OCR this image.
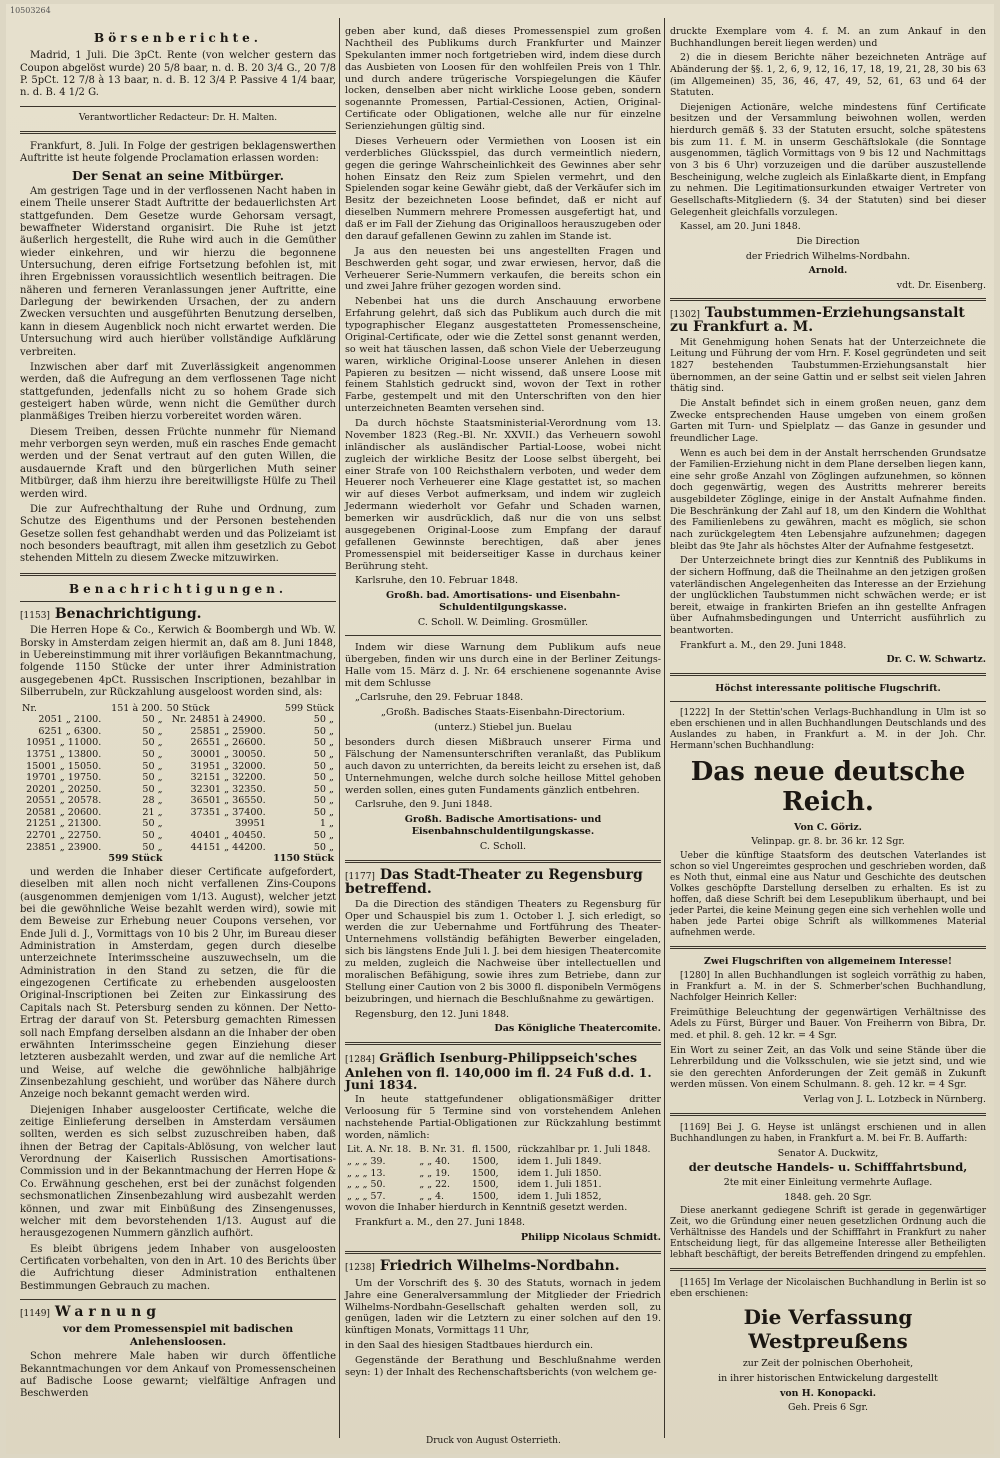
10503264
Börsenberichte.

Madrid, 1 Juli. Die 3pCt. Rente (von welcher gestern das Coupon abgelöst wurde) 20 5/8 baar, n. d. B. 20 3/4 G., 20 7/8 P. 5pCt. 12 7/8 à 13 baar, n. d. B. 12 3/4 P. Passive 4 1/4 baar, n. d. B. 4 1/2 G.

Verantwortlicher Redacteur: Dr. H. Malten.

Frankfurt, 8. Juli. In Folge der gestrigen beklagenswerthen Auftritte ist heute folgende Proclamation erlassen worden:

Der Senat an seine Mitbürger.

Am gestrigen Tage und in der verflossenen Nacht haben in einem Theile unserer Stadt Auftritte der bedauerlichsten Art stattgefunden. Dem Gesetze wurde Gehorsam versagt, bewaffneter Widerstand organisirt. Die Ruhe ist jetzt äußerlich hergestellt, die Ruhe wird auch in die Gemüther wieder einkehren, und wir hierzu die begonnene Untersuchung, deren eifrige Fortsetzung befohlen ist, mit ihren Ergebnissen voraussichtlich wesentlich beitragen. Die näheren und ferneren Veranlassungen jener Auftritte, eine Darlegung der bewirkenden Ursachen, der zu andern Zwecken versuchten und ausgeführten Benutzung derselben, kann in diesem Augenblick noch nicht erwartet werden. Die Untersuchung wird auch hierüber vollständige Aufklärung verbreiten.

Inzwischen aber darf mit Zuverlässigkeit angenommen werden, daß die Aufregung an dem verflossenen Tage nicht stattgefunden, jedenfalls nicht zu so hohem Grade sich gesteigert haben würde, wenn nicht die Gemüther durch planmäßiges Treiben hierzu vorbereitet worden wären.

Diesem Treiben, dessen Früchte nunmehr für Niemand mehr verborgen seyn werden, muß ein rasches Ende gemacht werden und der Senat vertraut auf den guten Willen, die ausdauernde Kraft und den bürgerlichen Muth seiner Mitbürger, daß ihm hierzu ihre bereitwilligste Hülfe zu Theil werden wird.

Die zur Aufrechthaltung der Ruhe und Ordnung, zum Schutze des Eigenthums und der Personen bestehenden Gesetze sollen fest gehandhabt werden und das Polizeiamt ist noch besonders beauftragt, mit allen ihm gesetzlich zu Gebot stehenden Mitteln zu diesem Zwecke mitzuwirken.

Benachrichtigungen.
[1153] Benachrichtigung.

Die Herren Hope & Co., Kerwich & Boombergh und Wb. W. Borsky in Amsterdam zeigen hiermit an, daß am 8. Juni 1848, in Uebereinstimmung mit ihrer vorläufigen Bekanntmachung, folgende 1150 Stücke der unter ihrer Administration ausgegebenen 4pCt. Russischen Inscriptionen, bezahlbar in Silberrubeln, zur Rückzahlung ausgeloost worden sind, als:

Nr.	151 à 200.	50 Stück	599 Stück
2051 „ 2100.	50 „	Nr. 24851 à 24900.	50 „
6251 „ 6300.	50 „	25851 „ 25900.	50 „
10951 „ 11000.	50 „	26551 „ 26600.	50 „
13751 „ 13800.	50 „	30001 „ 30050.	50 „
15001 „ 15050.	50 „	31951 „ 32000.	50 „
19701 „ 19750.	50 „	32151 „ 32200.	50 „
20201 „ 20250.	50 „	32301 „ 32350.	50 „
20551 „ 20578.	28 „	36501 „ 36550.	50 „
20581 „ 20600.	21 „	37351 „ 37400.	50 „
21251 „ 21300.	50 „	39951	1 „
22701 „ 22750.	50 „	40401 „ 40450.	50 „
23851 „ 23900.	50 „	44151 „ 44200.	50 „
	599 Stück		1150 Stück

und werden die Inhaber dieser Certificate aufgefordert, dieselben mit allen noch nicht verfallenen Zins-Coupons (ausgenommen demjenigen vom 1/13. August), welcher jetzt bei die gewöhnliche Weise bezahlt werden wird), sowie mit dem Beweise zur Erhebung neuer Coupons versehen, vor Ende Juli d. J., Vormittags von 10 bis 2 Uhr, im Bureau dieser Administration in Amsterdam, gegen durch dieselbe unterzeichnete Interimsscheine auszuwechseln, um die Administration in den Stand zu setzen, die für die eingezogenen Certificate zu erhebenden ausgeloosten Original-Inscriptionen bei Zeiten zur Einkassirung des Capitals nach St. Petersburg senden zu können. Der Netto-Ertrag der darauf von St. Petersburg gemachten Rimessen soll nach Empfang derselben alsdann an die Inhaber der oben erwähnten Interimsscheine gegen Einziehung dieser letzteren ausbezahlt werden, und zwar auf die nemliche Art und Weise, auf welche die gewöhnliche halbjährige Zinsenbezahlung geschieht, und worüber das Nähere durch Anzeige noch bekannt gemacht werden wird.

Diejenigen Inhaber ausgelooster Certificate, welche die zeitige Einlieferung derselben in Amsterdam versäumen sollten, werden es sich selbst zuzuschreiben haben, daß ihnen der Betrag der Capitals-Ablösung, von welcher laut Verordnung der Kaiserlich Russischen Amortisations-Commission und in der Bekanntmachung der Herren Hope & Co. Erwähnung geschehen, erst bei der zunächst folgenden sechsmonatlichen Zinsenbezahlung wird ausbezahlt werden können, und zwar mit Einbüßung des Zinsengenusses, welcher mit dem bevorstehenden 1/13. August auf die herausgezogenen Nummern gänzlich aufhört.

Es bleibt übrigens jedem Inhaber von ausgeloosten Certificaten vorbehalten, von den in Art. 10 des Berichts über die Aufrichtung dieser Administration enthaltenen Bestimmungen Gebrauch zu machen.

[1149] Warnung

vor dem Promessenspiel mit badischen Anlehensloosen.

Schon mehrere Male haben wir durch öffentliche Bekanntmachungen vor dem Ankauf von Promessenscheinen auf Badische Loose gewarnt; vielfältige Anfragen und Beschwerden

geben aber kund, daß dieses Promessenspiel zum großen Nachtheil des Publikums durch Frankfurter und Mainzer Spekulanten immer noch fortgetrieben wird, indem diese durch das Ausbieten von Loosen für den wohlfeilen Preis von 1 Thlr. und durch andere trügerische Vorspiegelungen die Käufer locken, denselben aber nicht wirkliche Loose geben, sondern sogenannte Promessen, Partial-Cessionen, Actien, Original-Certificate oder Obligationen, welche alle nur für einzelne Serienziehungen gültig sind.

Dieses Verheuern oder Vermiethen von Loosen ist ein verderbliches Glücksspiel, das durch vermeintlich niedern, gegen die geringe Wahrscheinlichkeit des Gewinnes aber sehr hohen Einsatz den Reiz zum Spielen vermehrt, und den Spielenden sogar keine Gewähr giebt, daß der Verkäufer sich im Besitz der bezeichneten Loose befindet, daß er nicht auf dieselben Nummern mehrere Promessen ausgefertigt hat, und daß er im Fall der Ziehung das Originalloos herauszugeben oder den darauf gefallenen Gewinn zu zahlen im Stande ist.

Ja aus den neuesten bei uns angestellten Fragen und Beschwerden geht sogar, und zwar erwiesen, hervor, daß die Verheuerer Serie-Nummern verkaufen, die bereits schon ein und zwei Jahre früher gezogen worden sind.

Nebenbei hat uns die durch Anschauung erworbene Erfahrung gelehrt, daß sich das Publikum auch durch die mit typographischer Eleganz ausgestatteten Promessenscheine, Original-Certificate, oder wie die Zettel sonst genannt werden, so weit hat täuschen lassen, daß schon Viele der Ueberzeugung waren, wirkliche Original-Loose unserer Anlehen in diesen Papieren zu besitzen — nicht wissend, daß unsere Loose mit feinem Stahlstich gedruckt sind, wovon der Text in rother Farbe, gestempelt und mit den Unterschriften von den hier unterzeichneten Beamten versehen sind.

Da durch höchste Staatsministerial-Verordnung vom 13. November 1823 (Reg.-Bl. Nr. XXVII.) das Verheuern sowohl inländischer als ausländischer Partial-Loose, wobei nicht zugleich der wirkliche Besitz der Loose selbst übergeht, bei einer Strafe von 100 Reichsthalern verboten, und weder dem Heuerer noch Verheuerer eine Klage gestattet ist, so machen wir auf dieses Verbot aufmerksam, und indem wir zugleich Jedermann wiederholt vor Gefahr und Schaden warnen, bemerken wir ausdrücklich, daß nur die von uns selbst ausgegebenen Original-Loose zum Empfang der darauf gefallenen Gewinnste berechtigen, daß aber jenes Promessenspiel mit beiderseitiger Kasse in durchaus keiner Berührung steht.

Karlsruhe, den 10. Februar 1848.

Großh. bad. Amortisations- und Eisenbahn-Schuldentilgungskasse.

C. Scholl. W. Deimling. Grosmüller.

Indem wir diese Warnung dem Publikum aufs neue übergeben, finden wir uns durch eine in der Berliner Zeitungs-Halle vom 15. März d. J. Nr. 64 erschienene sogenannte Avise mit dem Schlusse

„Carlsruhe, den 29. Februar 1848.

„Großh. Badisches Staats-Eisenbahn-Directorium.

(unterz.) Stiebel jun. Buelau

besonders durch diesen Mißbrauch unserer Firma und Fälschung der Namensunterschriften veranlaßt, das Publikum auch davon zu unterrichten, da bereits leicht zu ersehen ist, daß Unternehmungen, welche durch solche heillose Mittel gehoben werden sollen, eines guten Fundaments gänzlich entbehren.

Carlsruhe, den 9. Juni 1848.

Großh. Badische Amortisations- und Eisenbahnschuldentilgungskasse.

C. Scholl.

[1177] Das Stadt-Theater zu Regensburg betreffend.

Da die Direction des ständigen Theaters zu Regensburg für Oper und Schauspiel bis zum 1. October l. J. sich erledigt, so werden die zur Uebernahme und Fortführung des Theater-Unternehmens vollständig befähigten Bewerber eingeladen, sich bis längstens Ende Juli l. J. bei dem hiesigen Theatercomite zu melden, zugleich die Nachweise über intellectuellen und moralischen Befähigung, sowie ihres zum Betriebe, dann zur Stellung einer Caution von 2 bis 3000 fl. disponibeln Vermögens beizubringen, und hiernach die Beschlußnahme zu gewärtigen.

Regensburg, den 12. Juni 1848.

Das Königliche Theatercomite.

[1284] Gräflich Isenburg-Philippseich'sches Anlehen von fl. 140,000 im fl. 24 Fuß d.d. 1. Juni 1834.

In heute stattgefundener obligationsmäßiger dritter Verloosung für 5 Termine sind von vorstehendem Anlehen nachstehende Partial-Obligationen zur Rückzahlung bestimmt worden, nämlich:

Lit. A. Nr. 18.	B. Nr. 31.	fl. 1500,	rückzahlbar pr. 1. Juli 1848.
„ „ „ 39.	„ „ 40.	1500,	idem 1. Juli 1849.
„ „ „ 13.	„ „ 19.	1500,	idem 1. Juli 1850.
„ „ „ 50.	„ „ 22.	1500,	idem 1. Juli 1851.
„ „ „ 57.	„ „ 4.	1500,	idem 1. Juli 1852,

wovon die Inhaber hierdurch in Kenntniß gesetzt werden.

Frankfurt a. M., den 27. Juni 1848.

Philipp Nicolaus Schmidt.

[1238] Friedrich Wilhelms-Nordbahn.

Um der Vorschrift des §. 30 des Statuts, wornach in jedem Jahre eine Generalversammlung der Mitglieder der Friedrich Wilhelms-Nordbahn-Gesellschaft gehalten werden soll, zu genügen, laden wir die Letztern zu einer solchen auf den 19. künftigen Monats, Vormittags 11 Uhr,

in den Saal des hiesigen Stadtbaues hierdurch ein.

Gegenstände der Berathung und Beschlußnahme werden seyn: 1) der Inhalt des Rechenschaftsberichts (von welchem ge-

druckte Exemplare vom 4. f. M. an zum Ankauf in den Buchhandlungen bereit liegen werden) und

2) die in diesem Berichte näher bezeichneten Anträge auf Abänderung der §§. 1, 2, 6, 9, 12, 16, 17, 18, 19, 21, 28, 30 bis 63 (im Allgemeinen) 35, 36, 46, 47, 49, 52, 61, 63 und 64 der Statuten.

Diejenigen Actionäre, welche mindestens fünf Certificate besitzen und der Versammlung beiwohnen wollen, werden hierdurch gemäß §. 33 der Statuten ersucht, solche spätestens bis zum 11. f. M. in unserm Geschäftslokale (die Sonntage ausgenommen, täglich Vormittags von 9 bis 12 und Nachmittags von 3 bis 6 Uhr) vorzuzeigen und die darüber auszustellende Bescheinigung, welche zugleich als Einlaßkarte dient, in Empfang zu nehmen. Die Legitimationsurkunden etwaiger Vertreter von Gesellschafts-Mitgliedern (§. 34 der Statuten) sind bei dieser Gelegenheit gleichfalls vorzulegen.

Kassel, am 20. Juni 1848.

Die Direction

der Friedrich Wilhelms-Nordbahn.

Arnold.

vdt. Dr. Eisenberg.

[1302] Taubstummen-Erziehungsanstalt zu Frankfurt a. M.

Mit Genehmigung hohen Senats hat der Unterzeichnete die Leitung und Führung der vom Hrn. F. Kosel gegründeten und seit 1827 bestehenden Taubstummen-Erziehungsanstalt hier übernommen, an der seine Gattin und er selbst seit vielen Jahren thätig sind.

Die Anstalt befindet sich in einem großen neuen, ganz dem Zwecke entsprechenden Hause umgeben von einem großen Garten mit Turn- und Spielplatz — das Ganze in gesunder und freundlicher Lage.

Wenn es auch bei dem in der Anstalt herrschenden Grundsatze der Familien-Erziehung nicht in dem Plane derselben liegen kann, eine sehr große Anzahl von Zöglingen aufzunehmen, so können doch gegenwärtig, wegen des Austritts mehrerer bereits ausgebildeter Zöglinge, einige in der Anstalt Aufnahme finden. Die Beschränkung der Zahl auf 18, um den Kindern die Wohlthat des Familienlebens zu gewähren, macht es möglich, sie schon nach zurückgelegtem 4ten Lebensjahre aufzunehmen; dagegen bleibt das 9te Jahr als höchstes Alter der Aufnahme festgesetzt.

Der Unterzeichnete bringt dies zur Kenntniß des Publikums in der sichern Hoffnung, daß die Theilnahme an den jetzigen großen vaterländischen Angelegenheiten das Interesse an der Erziehung der unglücklichen Taubstummen nicht schwächen werde; er ist bereit, etwaige in frankirten Briefen an ihn gestellte Anfragen über Aufnahmsbedingungen und Unterricht ausführlich zu beantworten.

Frankfurt a. M., den 29. Juni 1848.

Dr. C. W. Schwartz.

Höchst interessante politische Flugschrift.

[1222] In der Stettin'schen Verlags-Buchhandlung in Ulm ist so eben erschienen und in allen Buchhandlungen Deutschlands und des Auslandes zu haben, in Frankfurt a. M. in der Joh. Chr. Hermann'schen Buchhandlung:

Das neue deutsche Reich.

Von C. Göriz.

Velinpap. gr. 8. br. 36 kr. 12 Sgr.

Ueber die künftige Staatsform des deutschen Vaterlandes ist schon so viel Ungereimtes gesprochen und geschrieben worden, daß es Noth thut, einmal eine aus Natur und Geschichte des deutschen Volkes geschöpfte Darstellung derselben zu erhalten. Es ist zu hoffen, daß diese Schrift bei dem Lesepublikum überhaupt, und bei jeder Partei, die keine Meinung gegen eine sich verhehlen wolle und haben jede Partei obige Schrift als willkommenes Material aufnehmen werde.

Zwei Flugschriften von allgemeinem Interesse!

[1280] In allen Buchhandlungen ist sogleich vorräthig zu haben, in Frankfurt a. M. in der S. Schmerber'schen Buchhandlung, Nachfolger Heinrich Keller:

Freimüthige Beleuchtung der gegenwärtigen Verhältnisse des Adels zu Fürst, Bürger und Bauer. Von Freiherrn von Bibra, Dr. med. et phil. 8. geh. 12 kr. = 4 Sgr.

Ein Wort zu seiner Zeit, an das Volk und seine Stände über die Lehrerbildung und die Volksschulen, wie sie jetzt sind, und wie sie den gerechten Anforderungen der Zeit gemäß in Zukunft werden müssen. Von einem Schulmann. 8. geh. 12 kr. = 4 Sgr.

Verlag von J. L. Lotzbeck in Nürnberg.

[1169] Bei J. G. Heyse ist unlängst erschienen und in allen Buchhandlungen zu haben, in Frankfurt a. M. bei Fr. B. Auffarth:

Senator A. Duckwitz,

der deutsche Handels- u. Schifffahrtsbund,

2te mit einer Einleitung vermehrte Auflage.

1848. geh. 20 Sgr.

Diese anerkannt gediegene Schrift ist gerade in gegenwärtiger Zeit, wo die Gründung einer neuen gesetzlichen Ordnung auch die Verhältnisse des Handels und der Schifffahrt in Frankfurt zu naher Entscheidung liegt, für das allgemeine Interesse aller Betheiligten lebhaft beschäftigt, der bereits Betreffenden dringend zu empfehlen.

[1165] Im Verlage der Nicolaischen Buchhandlung in Berlin ist so eben erschienen:

Die Verfassung Westpreußens

zur Zeit der polnischen Oberhoheit,

in ihrer historischen Entwickelung dargestellt

von H. Konopacki.

Geh. Preis 6 Sgr.

Druck von August Osterrieth.
